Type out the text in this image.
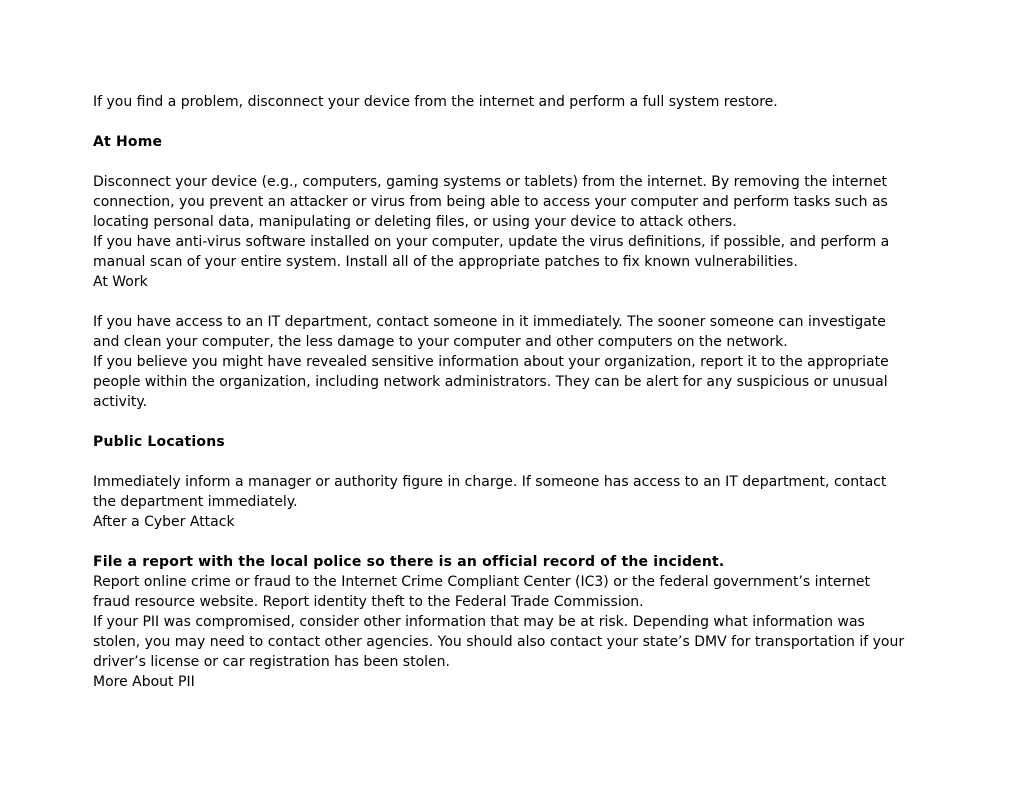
If you find a problem, disconnect your device from the internet and perform a full system restore.
At Home
Disconnect your device (e.g., computers, gaming systems or tablets) from the internet. By removing the internet
connection, you prevent an attacker or virus from being able to access your computer and perform tasks such as
locating personal data, manipulating or deleting files, or using your device to attack others.
If you have anti-virus software installed on your computer, update the virus definitions, if possible, and perform a
manual scan of your entire system. Install all of the appropriate patches to fix known vulnerabilities.
At Work
If you have access to an IT department, contact someone in it immediately. The sooner someone can investigate
and clean your computer, the less damage to your computer and other computers on the network.
If you believe you might have revealed sensitive information about your organization, report it to the appropriate
people within the organization, including network administrators. They can be alert for any suspicious or unusual
activity.
Public Locations
Immediately inform a manager or authority figure in charge. If someone has access to an IT department, contact
the department immediately.
After a Cyber Attack
File a report with the local police so there is an official record of the incident.
Report online crime or fraud to the Internet Crime Compliant Center (IC3) or the federal government’s internet
fraud resource website. Report identity theft to the Federal Trade Commission.
If your PII was compromised, consider other information that may be at risk. Depending what information was
stolen, you may need to contact other agencies. You should also contact your state’s DMV for transportation if your
driver’s license or car registration has been stolen.
More About PII
